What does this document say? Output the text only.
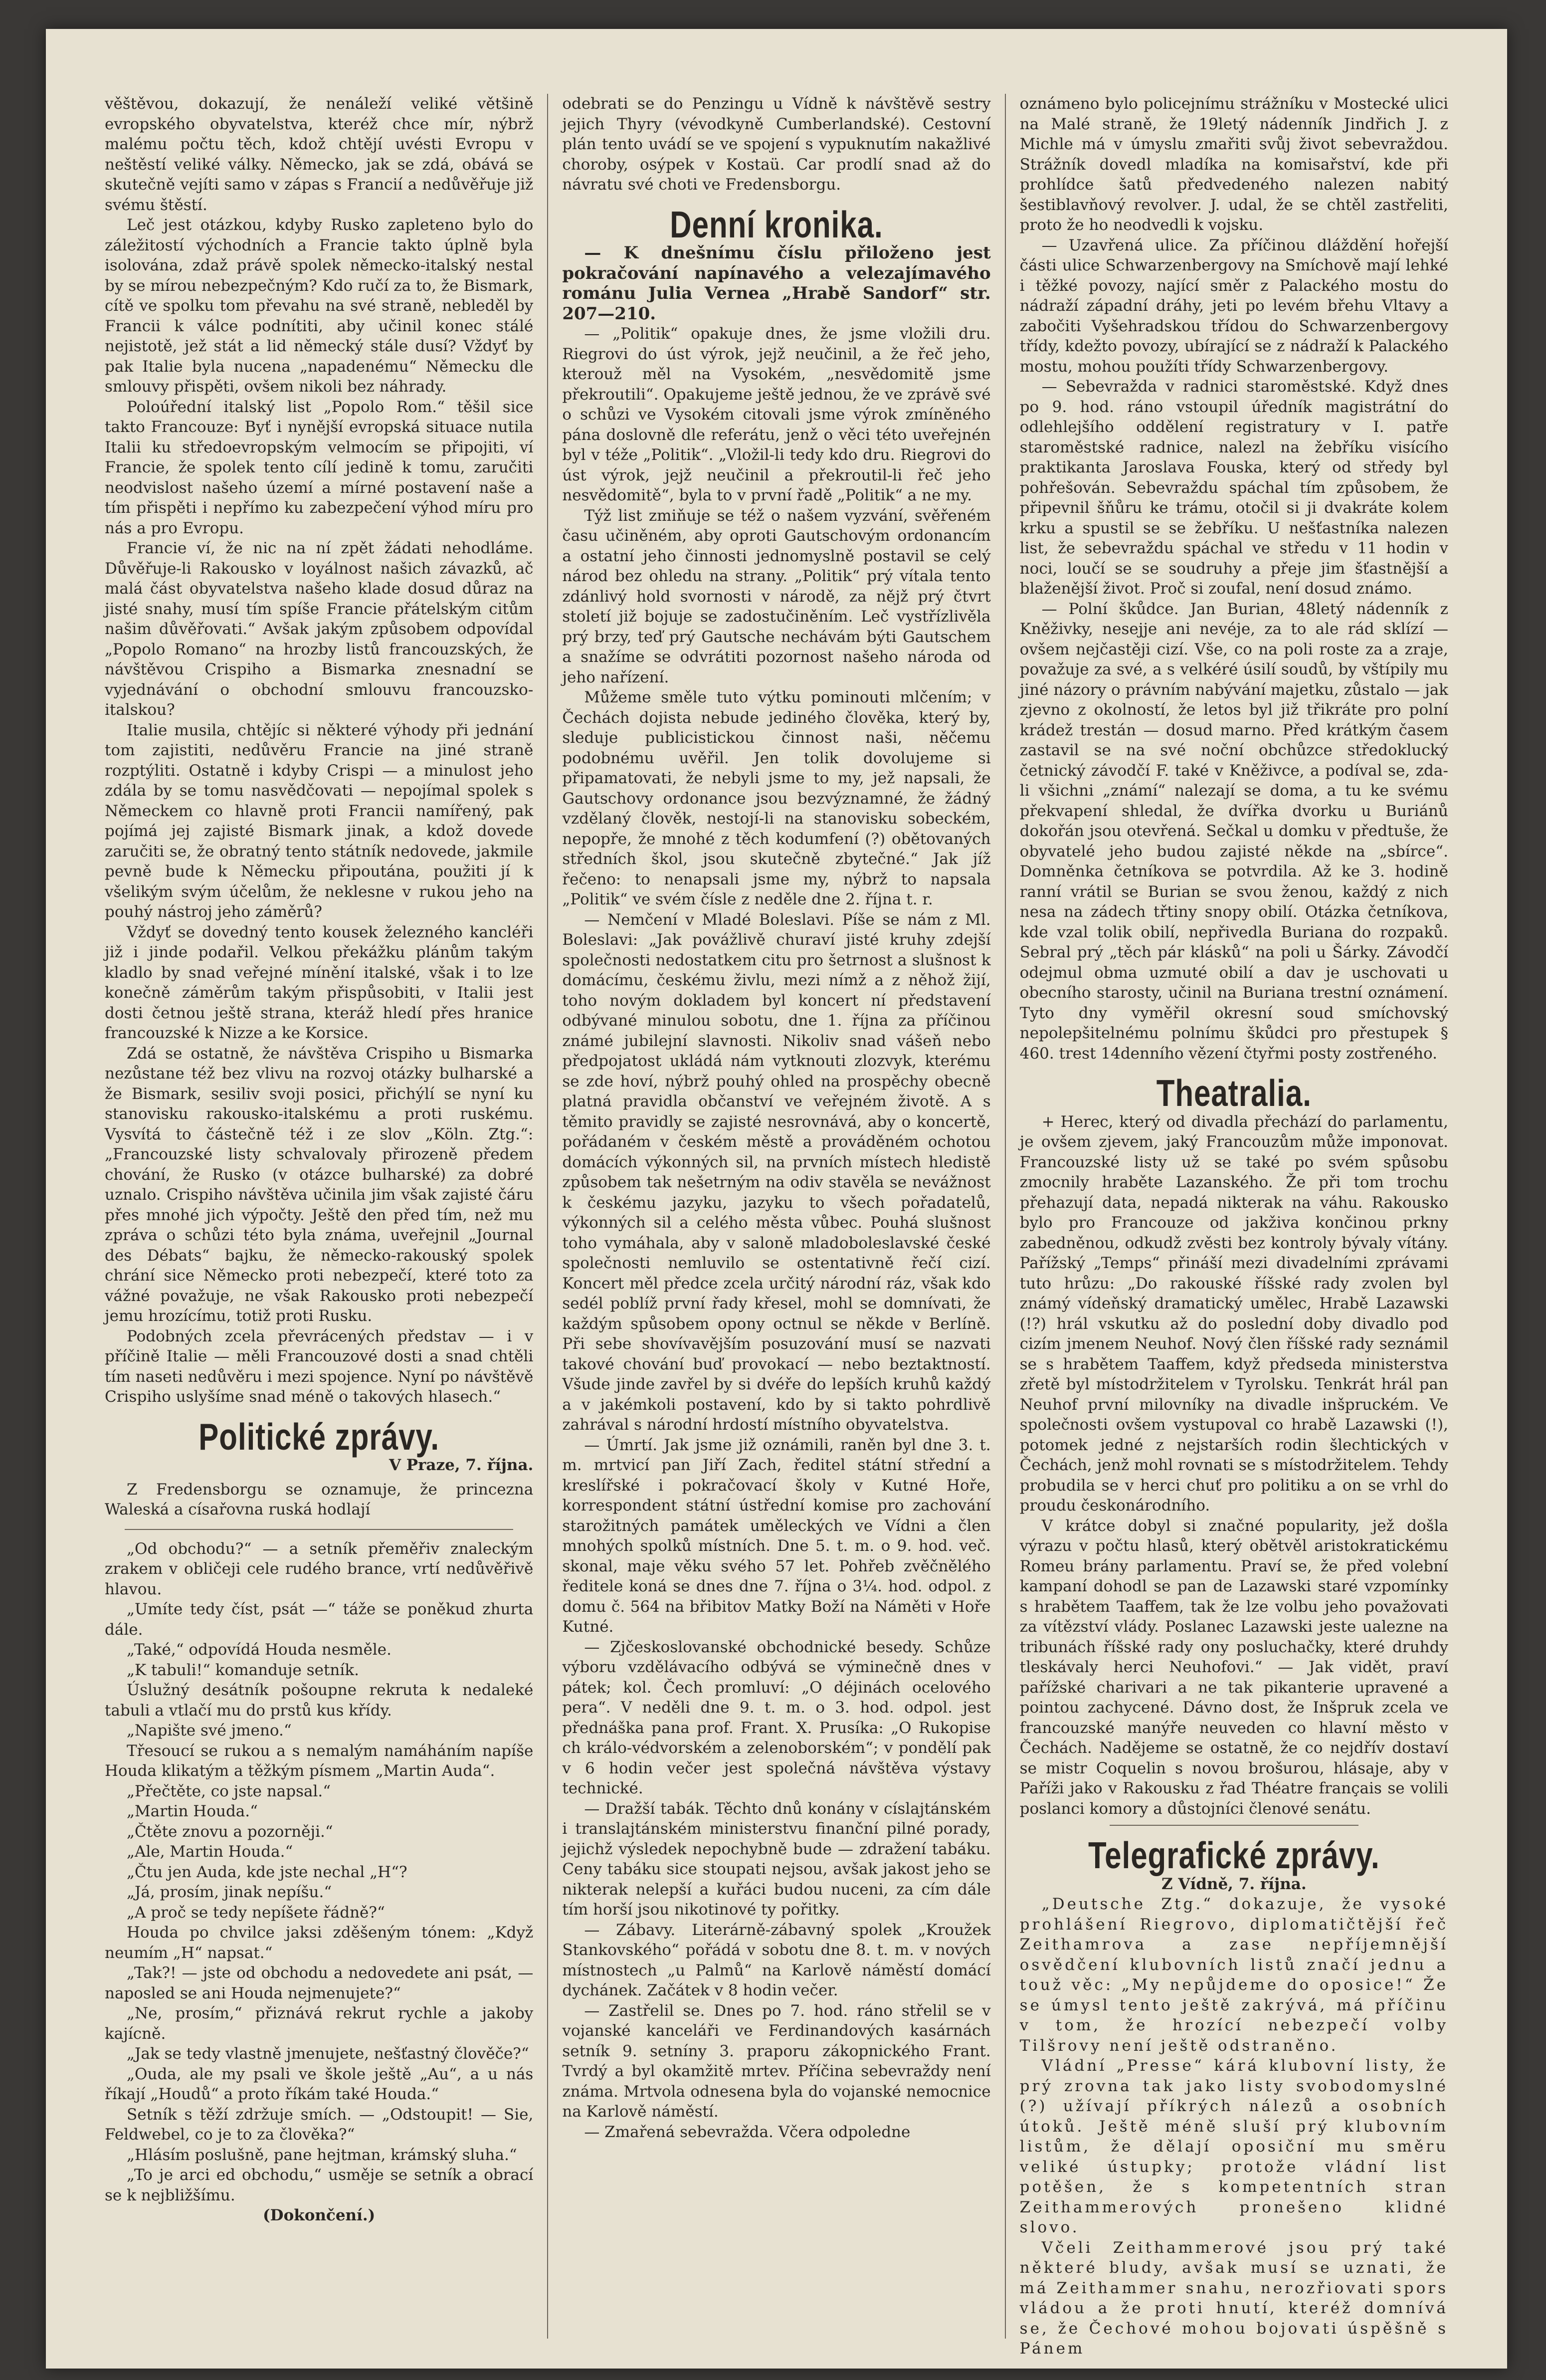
věštěvou, dokazují, že nenáleží veliké většině evropského obyvatelstva, kteréž chce mír, nýbrž malému počtu těch, kdož chtějí uvésti Evropu v neštěstí veliké války. Německo, jak se zdá, obává se skutečně vejíti samo v zápas s Francií a nedůvěřuje již svému štěstí.

Leč jest otázkou, kdyby Rusko zapleteno bylo do záležitostí východních a Francie takto úplně byla isolována, zdaž právě spolek německo-italský nestal by se mírou nebezpečným? Kdo ručí za to, že Bismark, cítě ve spolku tom převahu na své straně, nebleděl by Francii k válce podnítiti, aby učinil konec stálé nejistotě, jež stát a lid německý stále dusí? Vždyť by pak Italie byla nucena „napadenému“ Německu dle smlouvy přispěti, ovšem nikoli bez náhrady.

Poloúřední italský list „Popolo Rom.“ těšil sice takto Francouze: Byť i nynější evropská situace nutila Italii ku středoevropským velmocím se připojiti, ví Francie, že spolek tento cílí jedině k tomu, zaručiti neodvislost našeho území a mírné postavení naše a tím přispěti i nepřímo ku zabezpečení výhod míru pro nás a pro Evropu.

Francie ví, že nic na ní zpět žádati nehodláme. Důvěřuje-li Rakousko v loyálnost našich závazků, ač malá část obyvatelstva našeho klade dosud důraz na jisté snahy, musí tím spíše Francie přátelským citům našim důvěřovati.“ Avšak jakým způsobem odpovídal „Popolo Romano“ na hrozby listů francouzských, že návštěvou Crispiho a Bismarka znesnadní se vyjednávání o obchodní smlouvu francouzsko-italskou?

Italie musila, chtějíc si některé výhody při jednání tom zajistiti, nedůvěru Francie na jiné straně rozptýliti. Ostatně i kdyby Crispi — a minulost jeho zdála by se tomu nasvědčovati — nepojímal spolek s Německem co hlavně proti Francii namířený, pak pojímá jej zajisté Bismark jinak, a kdož dovede zaručiti se, že obratný tento státník nedovede, jakmile pevně bude k Německu připoutána, použiti jí k všelikým svým účelům, že neklesne v rukou jeho na pouhý nástroj jeho záměrů?

Vždyť se dovedný tento kousek železného kancléři již i jinde podařil. Velkou překážku plánům takým kladlo by snad veřejné mínění italské, však i to lze konečně záměrům takým přispůsobiti, v Italii jest dosti četnou ještě strana, kteráž hledí přes hranice francouzské k Nizze a ke Korsice.

Zdá se ostatně, že návštěva Crispiho u Bismarka nezůstane též bez vlivu na rozvoj otázky bulharské a že Bismark, sesiliv svoji posici, přichýlí se nyní ku stanovisku rakousko-italskému a proti ruskému. Vysvítá to částečně též i ze slov „Köln. Ztg.“: „Francouzské listy schvalovaly přirozeně předem chování, že Rusko (v otázce bulharské) za dobré uznalo. Crispiho návštěva učinila jim však zajisté čáru přes mnohé jich výpočty. Ještě den před tím, než mu zpráva o schůzi této byla známa, uveřejnil „Journal des Débats“ bajku, že německo-rakouský spolek chrání sice Německo proti nebezpečí, které toto za vážné považuje, ne však Rakousko proti nebezpečí jemu hrozícímu, totiž proti Rusku.

Podobných zcela převrácených představ — i v příčině Italie — měli Francouzové dosti a snad chtěli tím naseti nedůvěru i mezi spojence. Nyní po návštěvě Crispiho uslyšíme snad méně o takových hlasech.“

Politické zprávy.
V Praze, 7. října.

Z Fredensborgu se oznamuje, že princezna Waleská a císařovna ruská hodlají

„Od obchodu?“ — a setník přeměřiv znaleckým zrakem v obličeji cele rudého brance, vrtí nedůvěřivě hlavou.

„Umíte tedy číst, psát —“ táže se poněkud zhurta dále.

„Také,“ odpovídá Houda nesměle.

„K tabuli!“ komanduje setník.

Úslužný desátník pošoupne rekruta k nedaleké tabuli a vtlačí mu do prstů kus křídy.

„Napište své jmeno.“

Třesoucí se rukou a s nemalým namáháním napíše Houda klikatým a těžkým písmem „Martin Auda“.

„Přečtěte, co jste napsal.“

„Martin Houda.“

„Čtěte znovu a pozorněji.“

„Ale, Martin Houda.“

„Čtu jen Auda, kde jste nechal „H“?

„Já, prosím, jinak nepíšu.“

„A proč se tedy nepíšete řádně?“

Houda po chvilce jaksi zděšeným tónem: „Když neumím „H“ napsat.“

„Tak?! — jste od obchodu a nedovedete ani psát, — naposled se ani Houda nejmenujete?“

„Ne, prosím,“ přiznává rekrut rychle a jakoby kajícně.

„Jak se tedy vlastně jmenujete, nešťastný člověče?“

„Ouda, ale my psali ve škole ještě „Au“, a u nás říkají „Houdů“ a proto říkám také Houda.“

Setník s těží zdržuje smích. — „Odstoupit! — Sie, Feldwebel, co je to za člověka?“

„Hlásím poslušně, pane hejtman, krámský sluha.“

„To je arci ed obchodu,“ usměje se setník a obrací se k nejbližšímu.

(Dokončení.)

odebrati se do Penzingu u Vídně k návštěvě sestry jejich Thyry (vévodkyně Cumberlandské). Cestovní plán tento uvádí se ve spojení s vypuknutím nakažlivé choroby, osýpek v Kostaü. Car prodlí snad až do návratu své choti ve Fredensborgu.

Denní kronika.

— K dnešnímu číslu přiloženo jest pokračování napínavého a velezajímavého románu Julia Vernea „Hrabě Sandorf“ str. 207—210.

— „Politik“ opakuje dnes, že jsme vložili dru. Riegrovi do úst výrok, jejž neučinil, a že řeč jeho, kterouž měl na Vysokém, „nesvědomitě jsme překroutili“. Opakujeme ještě jednou, že ve zprávě své o schůzi ve Vysokém citovali jsme výrok zmíněného pána doslovně dle referátu, jenž o věci této uveřejnén byl v téže „Politik“. „Vložil-li tedy kdo dru. Riegrovi do úst výrok, jejž neučinil a překroutil-li řeč jeho nesvědomitě“, byla to v první řadě „Politik“ a ne my.

Týž list zmiňuje se též o našem vyzvání, svěřeném času učiněném, aby oproti Gautschovým ordonancím a ostatní jeho činnosti jednomyslně postavil se celý národ bez ohledu na strany. „Politik“ prý vítala tento zdánlivý hold svornosti v národě, za nějž prý čtvrt století již bojuje se zadostučiněním. Leč vystřízlivěla prý brzy, teď prý Gautsche nechávám býti Gautschem a snažíme se odvrátiti pozornost našeho národa od jeho nařízení.

Můžeme směle tuto výtku pominouti mlčením; v Čechách dojista nebude jediného člověka, který by, sleduje publicistickou činnost naši, něčemu podobnému uvěřil. Jen tolik dovolujeme si připamatovati, že nebyli jsme to my, jež napsali, že Gautschovy ordonance jsou bezvýznamné, že žádný vzdělaný člověk, nestojí-li na stanovisku sobeckém, nepopře, že mnohé z těch kodumfení (?) obětovaných středních škol, jsou skutečně zbytečné.“ Jak jíž řečeno: to nenapsali jsme my, nýbrž to napsala „Politik“ ve svém čísle z neděle dne 2. října t. r.

— Nemčení v Mladé Boleslavi. Píše se nám z Ml. Boleslavi: „Jak povážlivě churaví jisté kruhy zdejší společnosti nedostatkem citu pro šetrnost a slušnost k domácímu, českému živlu, mezi nímž a z něhož žijí, toho novým dokladem byl koncert ní představení odbývané minulou sobotu, dne 1. října za příčinou známé jubilejní slavnosti. Nikoliv snad vášeň nebo předpojatost ukládá nám vytknouti zlozvyk, kterému se zde hoví, nýbrž pouhý ohled na prospěchy obecně platná pravidla občanství ve veřejném životě. A s těmito pravidly se zajisté nesrovnává, aby o koncertě, pořádaném v českém městě a prováděném ochotou domácích výkonných sil, na prvních místech hledistě způsobem tak nešetrným na odiv stavěla se nevážnost k českému jazyku, jazyku to všech pořadatelů, výkonných sil a celého města vůbec. Pouhá slušnost toho vymáhala, aby v saloně mladoboleslavské české společnosti nemluvilo se ostentativně řečí cizí. Koncert měl předce zcela určitý národní ráz, však kdo sedél poblíž první řady křesel, mohl se domnívati, že každým spůsobem opony octnul se někde v Berlíně. Při sebe shovívavějším posuzování musí se nazvati takové chování buď provokací — nebo beztaktností. Všude jinde zavřel by si dvéře do lepších kruhů každý a v jakémkoli postavení, kdo by si takto pohrdlivě zahrával s národní hrdostí místního obyvatelstva.

— Úmrtí. Jak jsme již oznámili, raněn byl dne 3. t. m. mrtvicí pan Jiří Zach, ředitel státní střední a kreslířské i pokračovací školy v Kutné Hoře, korrespondent státní ústřední komise pro zachování starožitných památek uměleckých ve Vídni a člen mnohých spolků místních. Dne 5. t. m. o 9. hod. več. skonal, maje věku svého 57 let. Pohřeb zvěčnělého ředitele koná se dnes dne 7. října o 3¼. hod. odpol. z domu č. 564 na břibitov Matky Boží na Náměti v Hoře Kutné.

— Zjčeskoslovanské obchodnické besedy. Schůze výboru vzdělávacího odbývá se výminečně dnes v pátek; kol. Čech promluví: „O déjinách ocelového pera“. V neděli dne 9. t. m. o 3. hod. odpol. jest přednáška pana prof. Frant. X. Prusíka: „O Rukopise ch králo-védvorském a zelenoborském“; v pondělí pak v 6 hodin večer jest společná návštěva výstavy technické.

— Dražší tabák. Těchto dnů konány v císlajtánském i translajtánském ministerstvu finanční pilné porady, jejichž výsledek nepochybně bude — zdražení tabáku. Ceny tabáku sice stoupati nejsou, avšak jakost jeho se nikterak nelepší a kuřáci budou nuceni, za cím dále tím horší jsou nikotinové ty pořitky.

— Zábavy. Literárně-zábavný spolek „Kroužek Stankovského“ pořádá v sobotu dne 8. t. m. v nových místnostech „u Palmů“ na Karlově náměstí domácí dychánek. Začátek v 8 hodin večer.

— Zastřelil se. Dnes po 7. hod. ráno střelil se v vojanské kanceláři ve Ferdinandových kasárnách setník 9. setníny 3. praporu zákopnického Frant. Tvrdý a byl okamžitě mrtev. Příčina sebevraždy není známa. Mrtvola odnesena byla do vojanské nemocnice na Karlově náměstí.

— Zmařená sebevražda. Včera odpoledne

oznámeno bylo policejnímu strážníku v Mostecké ulici na Malé straně, že 19letý nádenník Jindřich J. z Michle má v úmyslu zmařiti svůj život sebevraždou. Strážník dovedl mladíka na komisařství, kde při prohlídce šatů předvedeného nalezen nabitý šestiblavňový revolver. J. udal, že se chtěl zastřeliti, proto že ho neodvedli k vojsku.

— Uzavřená ulice. Za příčinou dláždění hořejší části ulice Schwarzenbergovy na Smíchově mají lehké i těžké povozy, nající směr z Palackého mostu do nádraží západní dráhy, jeti po levém břehu Vltavy a zabočiti Vyšehradskou třídou do Schwarzenbergovy třídy, kdežto povozy, ubírající se z nádraží k Palackého mostu, mohou použíti třídy Schwarzenbergovy.

— Sebevražda v radnici staroměstské. Když dnes po 9. hod. ráno vstoupil úředník magistrátní do odlehlejšího oddělení registratury v I. patře staroměstské radnice, nalezl na žebříku visícího praktikanta Jaroslava Fouska, který od středy byl pohřešován. Sebevraždu spáchal tím způsobem, že připevnil šňůru ke trámu, otočil si ji dvakráte kolem krku a spustil se se žebříku. U nešťastníka nalezen list, že sebevraždu spáchal ve středu v 11 hodin v noci, loučí se se soudruhy a přeje jim šťastnější a blaženější život. Proč si zoufal, není dosud známo.

— Polní škůdce. Jan Burian, 48letý nádenník z Kněživky, nesejje ani nevéje, za to ale rád sklízí — ovšem nejčastěji cizí. Vše, co na poli roste za a zraje, považuje za své, a s velkéré úsilí soudů, by vštípily mu jiné názory o právním nabývání majetku, zůstalo — jak zjevno z okolností, že letos byl již třikráte pro polní krádež trestán — dosud marno. Před krátkým časem zastavil se na své noční obchůzce středoklucký četnický závodčí F. také v Kněživce, a podíval se, zda-li všichni „známí“ nalezají se doma, a tu ke svému překvapení shledal, že dvířka dvorku u Buriánů dokořán jsou otevřená. Sečkal u domku v předtuše, že obyvatelé jeho budou zajisté někde na „sbírce“. Domněnka četníkova se potvrdila. Až ke 3. hodině ranní vrátil se Burian se svou ženou, každý z nich nesa na zádech třtiny snopy obilí. Otázka četníkova, kde vzal tolik obilí, nepřivedla Buriana do rozpaků. Sebral prý „těch pár klásků“ na poli u Šárky. Závodčí odejmul obma uzmuté obilí a dav je uschovati u obecního starosty, učinil na Buriana trestní oznámení. Tyto dny vyměřil okresní soud smíchovský nepolepšitelnému polnímu škůdci pro přestupek § 460. trest 14denního vězení čtyřmi posty zostřeného.

Theatralia.

+ Herec, který od divadla přechází do parlamentu, je ovšem zjevem, jaký Francouzům může imponovat. Francouzské listy už se také po svém spůsobu zmocnily hraběte Lazanského. Že při tom trochu přehazují data, nepadá nikterak na váhu. Rakousko bylo pro Francouze od jakživa končinou prkny zabedněnou, odkudž zvěsti bez kontroly bývaly vítány. Pařížský „Temps“ přináší mezi divadelními zprávami tuto hrůzu: „Do rakouské říšské rady zvolen byl známý vídeňský dramatický umělec, Hrabě Lazawski (!?) hrál vskutku až do poslední doby divadlo pod cizím jmenem Neuhof. Nový člen říšské rady seznámil se s hrabětem Taaffem, když předseda ministerstva zřetě byl místodržitelem v Tyrolsku. Tenkrát hrál pan Neuhof první milovníky na divadle inšpruckém. Ve společnosti ovšem vystupoval co hrabě Lazawski (!), potomek jedné z nejstarších rodin šlechtických v Čechách, jenž mohl rovnati se s místodržitelem. Tehdy probudila se v herci chuť pro politiku a on se vrhl do proudu českonárodního.

V krátce dobyl si značné popularity, jež došla výrazu v počtu hlasů, který obětvěl aristokratickému Romeu brány parlamentu. Praví se, že před volební kampaní dohodl se pan de Lazawski staré vzpomínky s hrabětem Taaffem, tak že lze volbu jeho považovati za vítězství vlády. Poslanec Lazawski jeste ualezne na tribunách říšské rady ony posluchačky, které druhdy tleskávaly herci Neuhofovi.“ — Jak vidět, praví pařížské charivari a ne tak pikanterie upravené a pointou zachycené. Dávno dost, že Inšpruk zcela ve francouzské manýře neuveden co hlavní město v Čechách. Nadějeme se ostatně, že co nejdřív dostaví se mistr Coquelin s novou brošurou, hlásaje, aby v Paříži jako v Rakousku z řad Théatre français se volili poslanci komory a důstojníci členové senátu.

Telegrafické zprávy.
Z Vídně, 7. října.

„Deutsche Ztg.“ dokazuje, že vysoké prohlášení Riegrovo, diplomatičtější řeč Zeithamrova a zase nepříjemnější osvědčení klubovních listů značí jednu a touž věc: „My nepůjdeme do oposice!“ Že se úmysl tento ještě zakrývá, má příčinu v tom, že hrozící nebezpečí volby Tilšrovy není ještě odstraněno.

Vládní „Presse“ kárá klubovní listy, že prý zrovna tak jako listy svobodomyslné (?) užívají příkrých nálezů a osobních útoků. Ještě méně sluší prý klubovním listům, že dělají oposiční mu směru veliké ústupky; protože vládní list potěšen, že s kompetentních stran Zeithammerových pronešeno klidné slovo.

Včeli Zeithammerové jsou prý také některé bludy, avšak musí se uznati, že má Zeithammer snahu, nerozřiovati spors vládou a že proti hnutí, kteréž domnívá se, že Čechové mohou bojovati úspěšně s Pánem
